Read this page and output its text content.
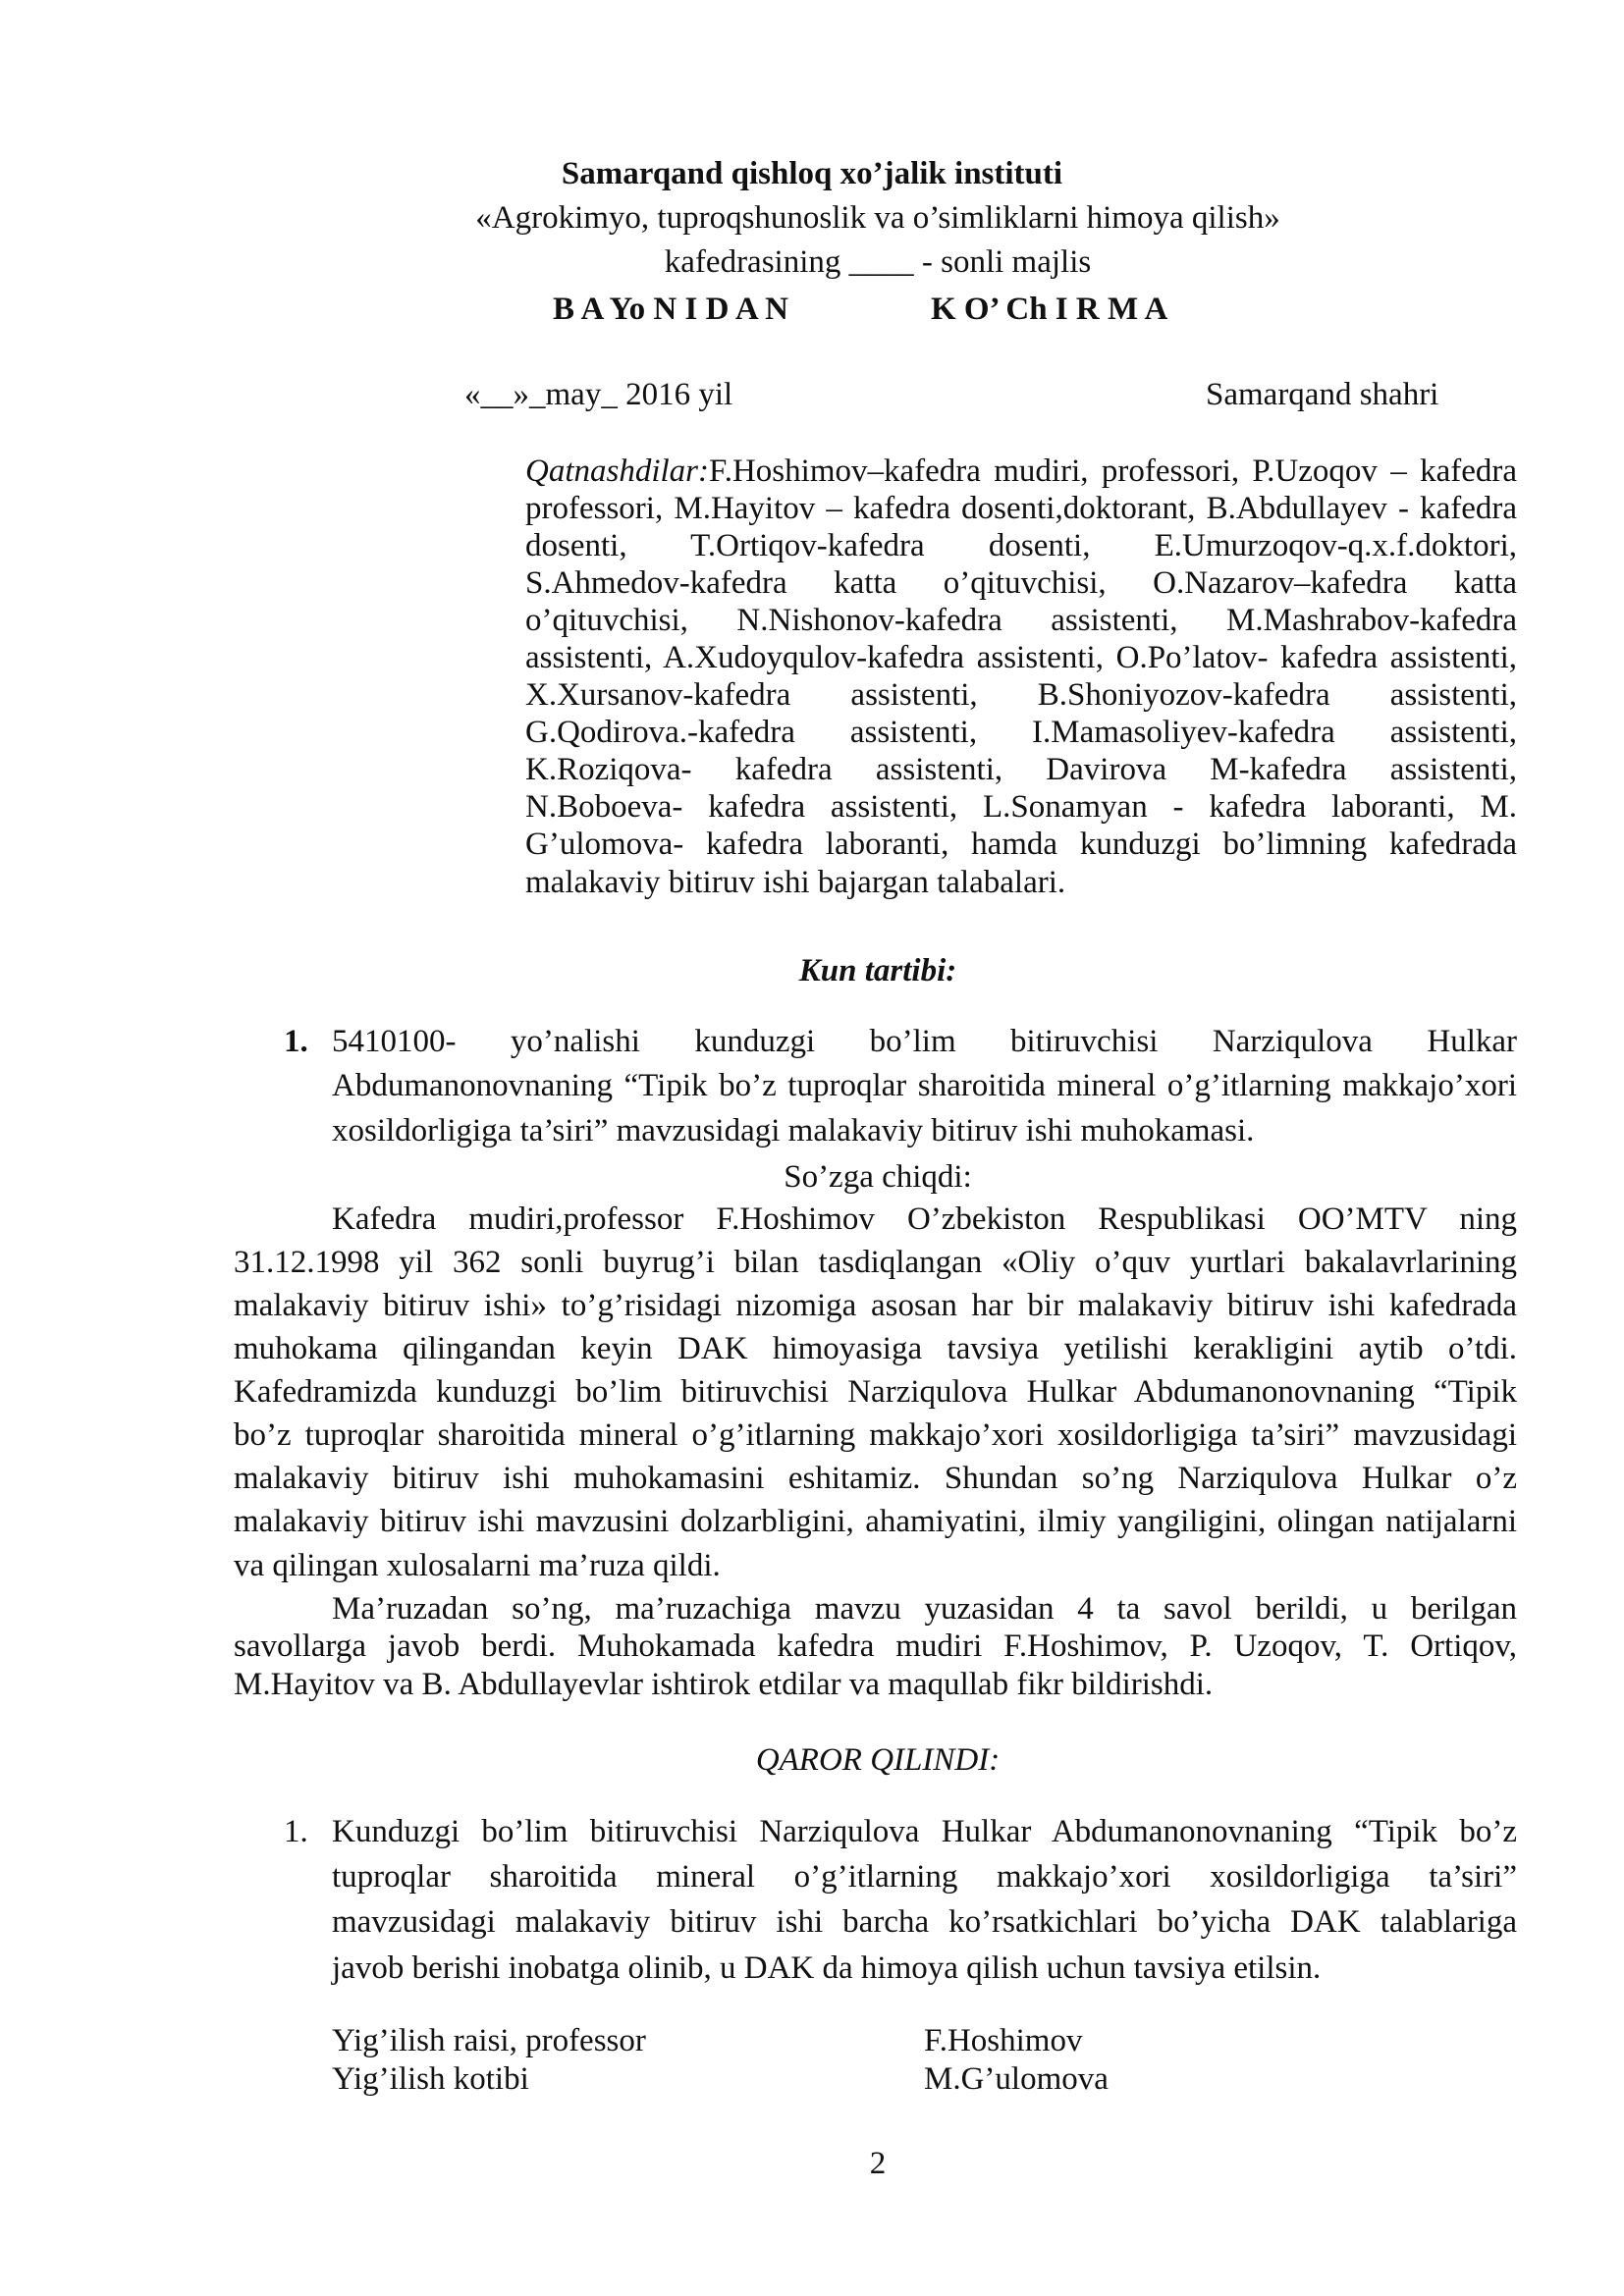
Samarqand qishloq xo’jalik instituti
«Agrokimyo, tuproqshunoslik va o’simliklarni himoya qilish»
kafedrasining ____ - sonli majlis
B A Yo N I D A N	K O’ Ch I R M A
«__»_may_ 2016 yil	Samarqand shahri
Qatnashdilar:F.Hoshimov–kafedra mudiri, professori, P.Uzoqov – kafedra
professori, M.Hayitov – kafedra dosenti,doktorant, B.Abdullayev - kafedra
dosenti, T.Ortiqov-kafedra dosenti, E.Umurzoqov-q.x.f.doktori,
S.Ahmedov-kafedra katta o’qituvchisi, O.Nazarov–kafedra katta
o’qituvchisi, N.Nishonov-kafedra assistenti, M.Mashrabov-kafedra
assistenti, A.Xudoyqulov-kafedra assistenti, O.Po’latov- kafedra assistenti,
X.Xursanov-kafedra assistenti, B.Shoniyozov-kafedra assistenti,
G.Qodirova.-kafedra assistenti, I.Mamasoliyev-kafedra assistenti,
K.Roziqova- kafedra assistenti, Davirova M-kafedra assistenti,
N.Boboeva- kafedra assistenti, L.Sonamyan - kafedra laboranti, M.
G’ulomova- kafedra laboranti, hamda kunduzgi bo’limning kafedrada
malakaviy bitiruv ishi bajargan talabalari.
Kun tartibi:
1. 5410100- yo’nalishi kunduzgi bo’lim bitiruvchisi Narziqulova Hulkar
Abdumanonovnaning “Tipik bo’z tuproqlar sharoitida mineral o’g’itlarning makkajo’xori
xosildorligiga ta’siri” mavzusidagi malakaviy bitiruv ishi muhokamasi.
So’zga chiqdi:
Kafedra mudiri,professor F.Hoshimov O’zbekiston Respublikasi OO’MTV ning
31.12.1998 yil 362 sonli buyrug’i bilan tasdiqlangan «Oliy o’quv yurtlari bakalavrlarining
malakaviy bitiruv ishi» to’g’risidagi nizomiga asosan har bir malakaviy bitiruv ishi kafedrada
muhokama qilingandan keyin DAK himoyasiga tavsiya yetilishi kerakligini aytib o’tdi.
Kafedramizda kunduzgi bo’lim bitiruvchisi Narziqulova Hulkar Abdumanonovnaning “Tipik
bo’z tuproqlar sharoitida mineral o’g’itlarning makkajo’xori xosildorligiga ta’siri” mavzusidagi
malakaviy bitiruv ishi muhokamasini eshitamiz. Shundan so’ng Narziqulova Hulkar o’z
malakaviy bitiruv ishi mavzusini dolzarbligini, ahamiyatini, ilmiy yangiligini, olingan natijalarni
va qilingan xulosalarni ma’ruza qildi.
Ma’ruzadan so’ng, ma’ruzachiga mavzu yuzasidan 4 ta savol berildi, u berilgan
savollarga javob berdi. Muhokamada kafedra mudiri F.Hoshimov, P. Uzoqov, T. Ortiqov,
M.Hayitov va B. Abdullayevlar ishtirok etdilar va maqullab fikr bildirishdi.
QAROR QILINDI:
1. Kunduzgi bo’lim bitiruvchisi Narziqulova Hulkar Abdumanonovnaning “Tipik bo’z
tuproqlar sharoitida mineral o’g’itlarning makkajo’xori xosildorligiga ta’siri”
mavzusidagi malakaviy bitiruv ishi barcha ko’rsatkichlari bo’yicha DAK talablariga
javob berishi inobatga olinib, u DAK da himoya qilish uchun tavsiya etilsin.
Yig’ilish raisi, professor	F.Hoshimov
Yig’ilish kotibi	M.G’ulomova
2
